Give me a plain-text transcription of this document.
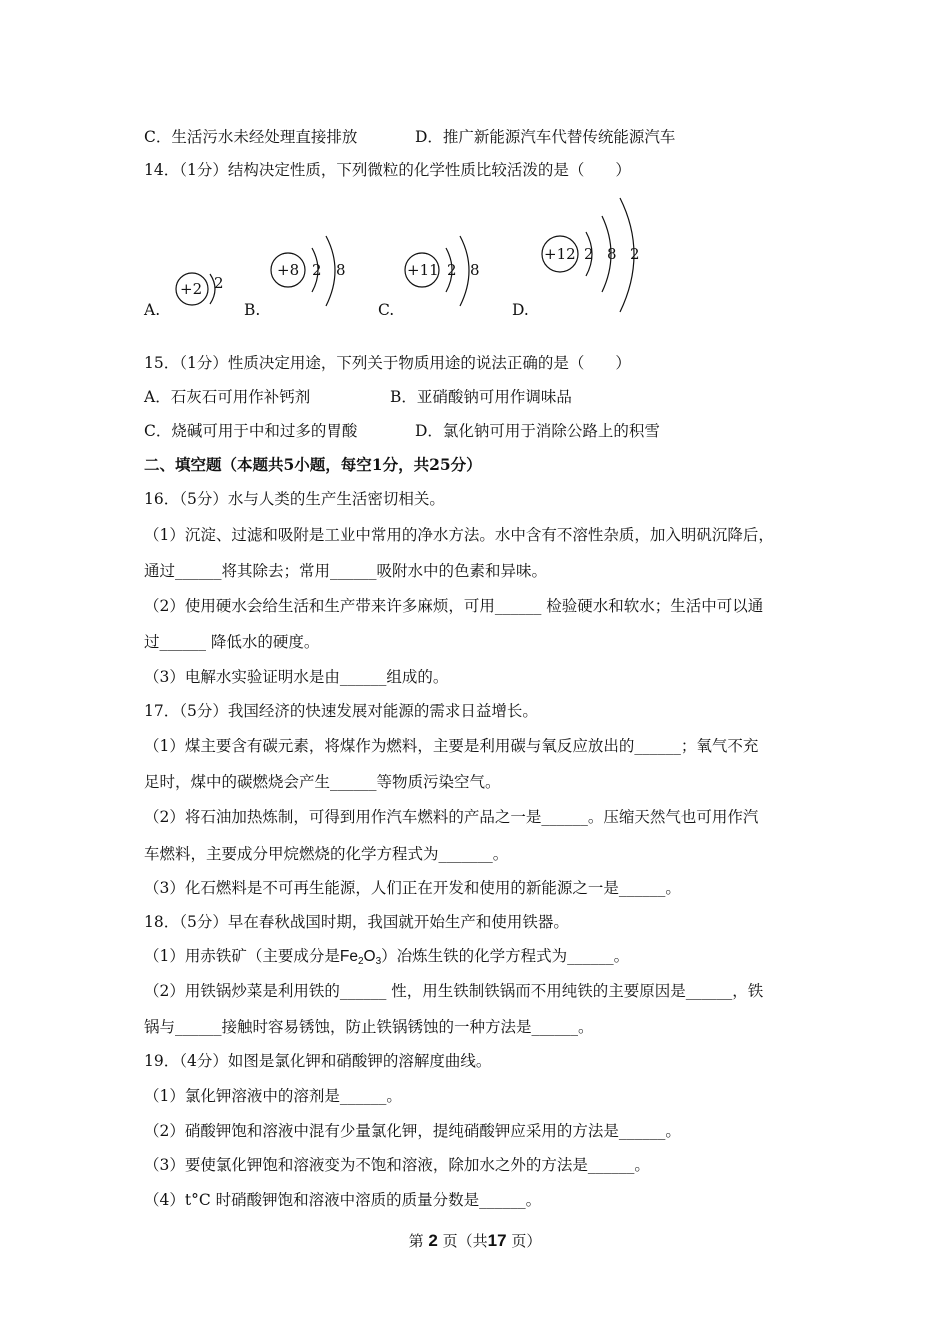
C．生活污水未经处理直接排放	D．推广新能源汽车代替传统能源汽车
14．（1分）结构决定性质，下列微粒的化学性质比较活泼的是（　　）
A.	B.	C.	D.
+2 2
+8 2 8	+11 2 8
+12 2 8 2
15．（1分）性质决定用途，下列关于物质用途的说法正确的是（　　）
A．石灰石可用作补钙剂	B．亚硝酸钠可用作调味品
C．烧碱可用于中和过多的胃酸	D．氯化钠可用于消除公路上的积雪
二、填空题（本题共5小题，每空1分，共25分）
16．（5分）水与人类的生产生活密切相关。
（1）沉淀、过滤和吸附是工业中常用的净水方法。水中含有不溶性杂质，加入明矾沉降后，
通过______将其除去；常用______吸附水中的色素和异味。
（2）使用硬水会给生活和生产带来许多麻烦，可用______ 检验硬水和软水；生活中可以通
过______ 降低水的硬度。
（3）电解水实验证明水是由______组成的。
17．（5分）我国经济的快速发展对能源的需求日益增长。
（1）煤主要含有碳元素，将煤作为燃料，主要是利用碳与氧反应放出的______；氧气不充
足时，煤中的碳燃烧会产生______等物质污染空气。
（2）将石油加热炼制，可得到用作汽车燃料的产品之一是______。压缩天然气也可用作汽
车燃料，主要成分甲烷燃烧的化学方程式为_______。
（3）化石燃料是不可再生能源，人们正在开发和使用的新能源之一是______。
18．（5分）早在春秋战国时期，我国就开始生产和使用铁器。
（1）用赤铁矿（主要成分是$Fe_2O_3$）冶炼生铁的化学方程式为______。
（2）用铁锅炒菜是利用铁的______ 性，用生铁制铁锅而不用纯铁的主要原因是______，铁
锅与______接触时容易锈蚀，防止铁锅锈蚀的一种方法是______。
19．（4分）如图是氯化钾和硝酸钾的溶解度曲线。
（1）氯化钾溶液中的溶剂是______。
（2）硝酸钾饱和溶液中混有少量氯化钾，提纯硝酸钾应采用的方法是______。
（3）要使氯化钾饱和溶液变为不饱和溶液，除加水之外的方法是______。
（4）t°C 时硝酸钾饱和溶液中溶质的质量分数是______。
第 2 页（共17 页）
